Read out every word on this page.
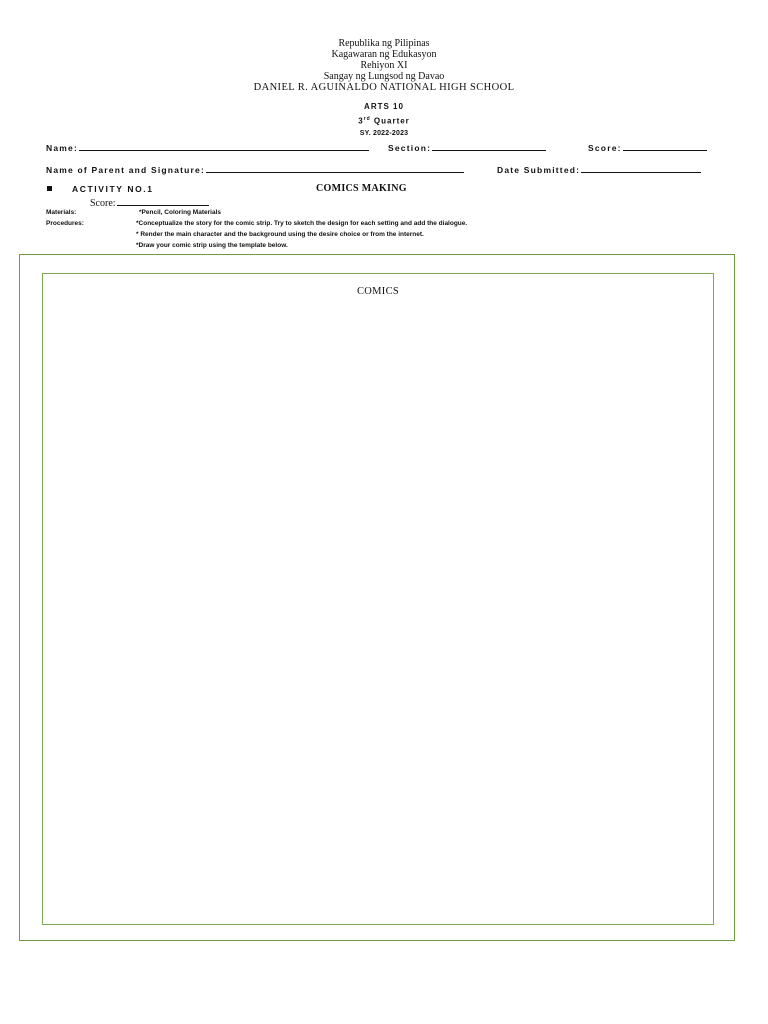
Republika ng Pilipinas
Kagawaran ng Edukasyon
Rehiyon XI
Sangay ng Lungsod ng Davao
DANIEL R. AGUINALDO NATIONAL HIGH SCHOOL
ARTS 10
3rd Quarter
SY. 2022-2023
Name:	Section:	Score:
Name of Parent and Signature:	Date Submitted:
ACTIVITY NO.1	COMICS MAKING
Score:
Materials:	*Pencil, Coloring Materials
Procedures:	*Conceptualize the story for the comic strip. Try to sketch the design for each setting and add the dialogue.
* Render the main character and the background using the desire choice or from the internet.
*Draw your comic strip using the template below.
COMICS
